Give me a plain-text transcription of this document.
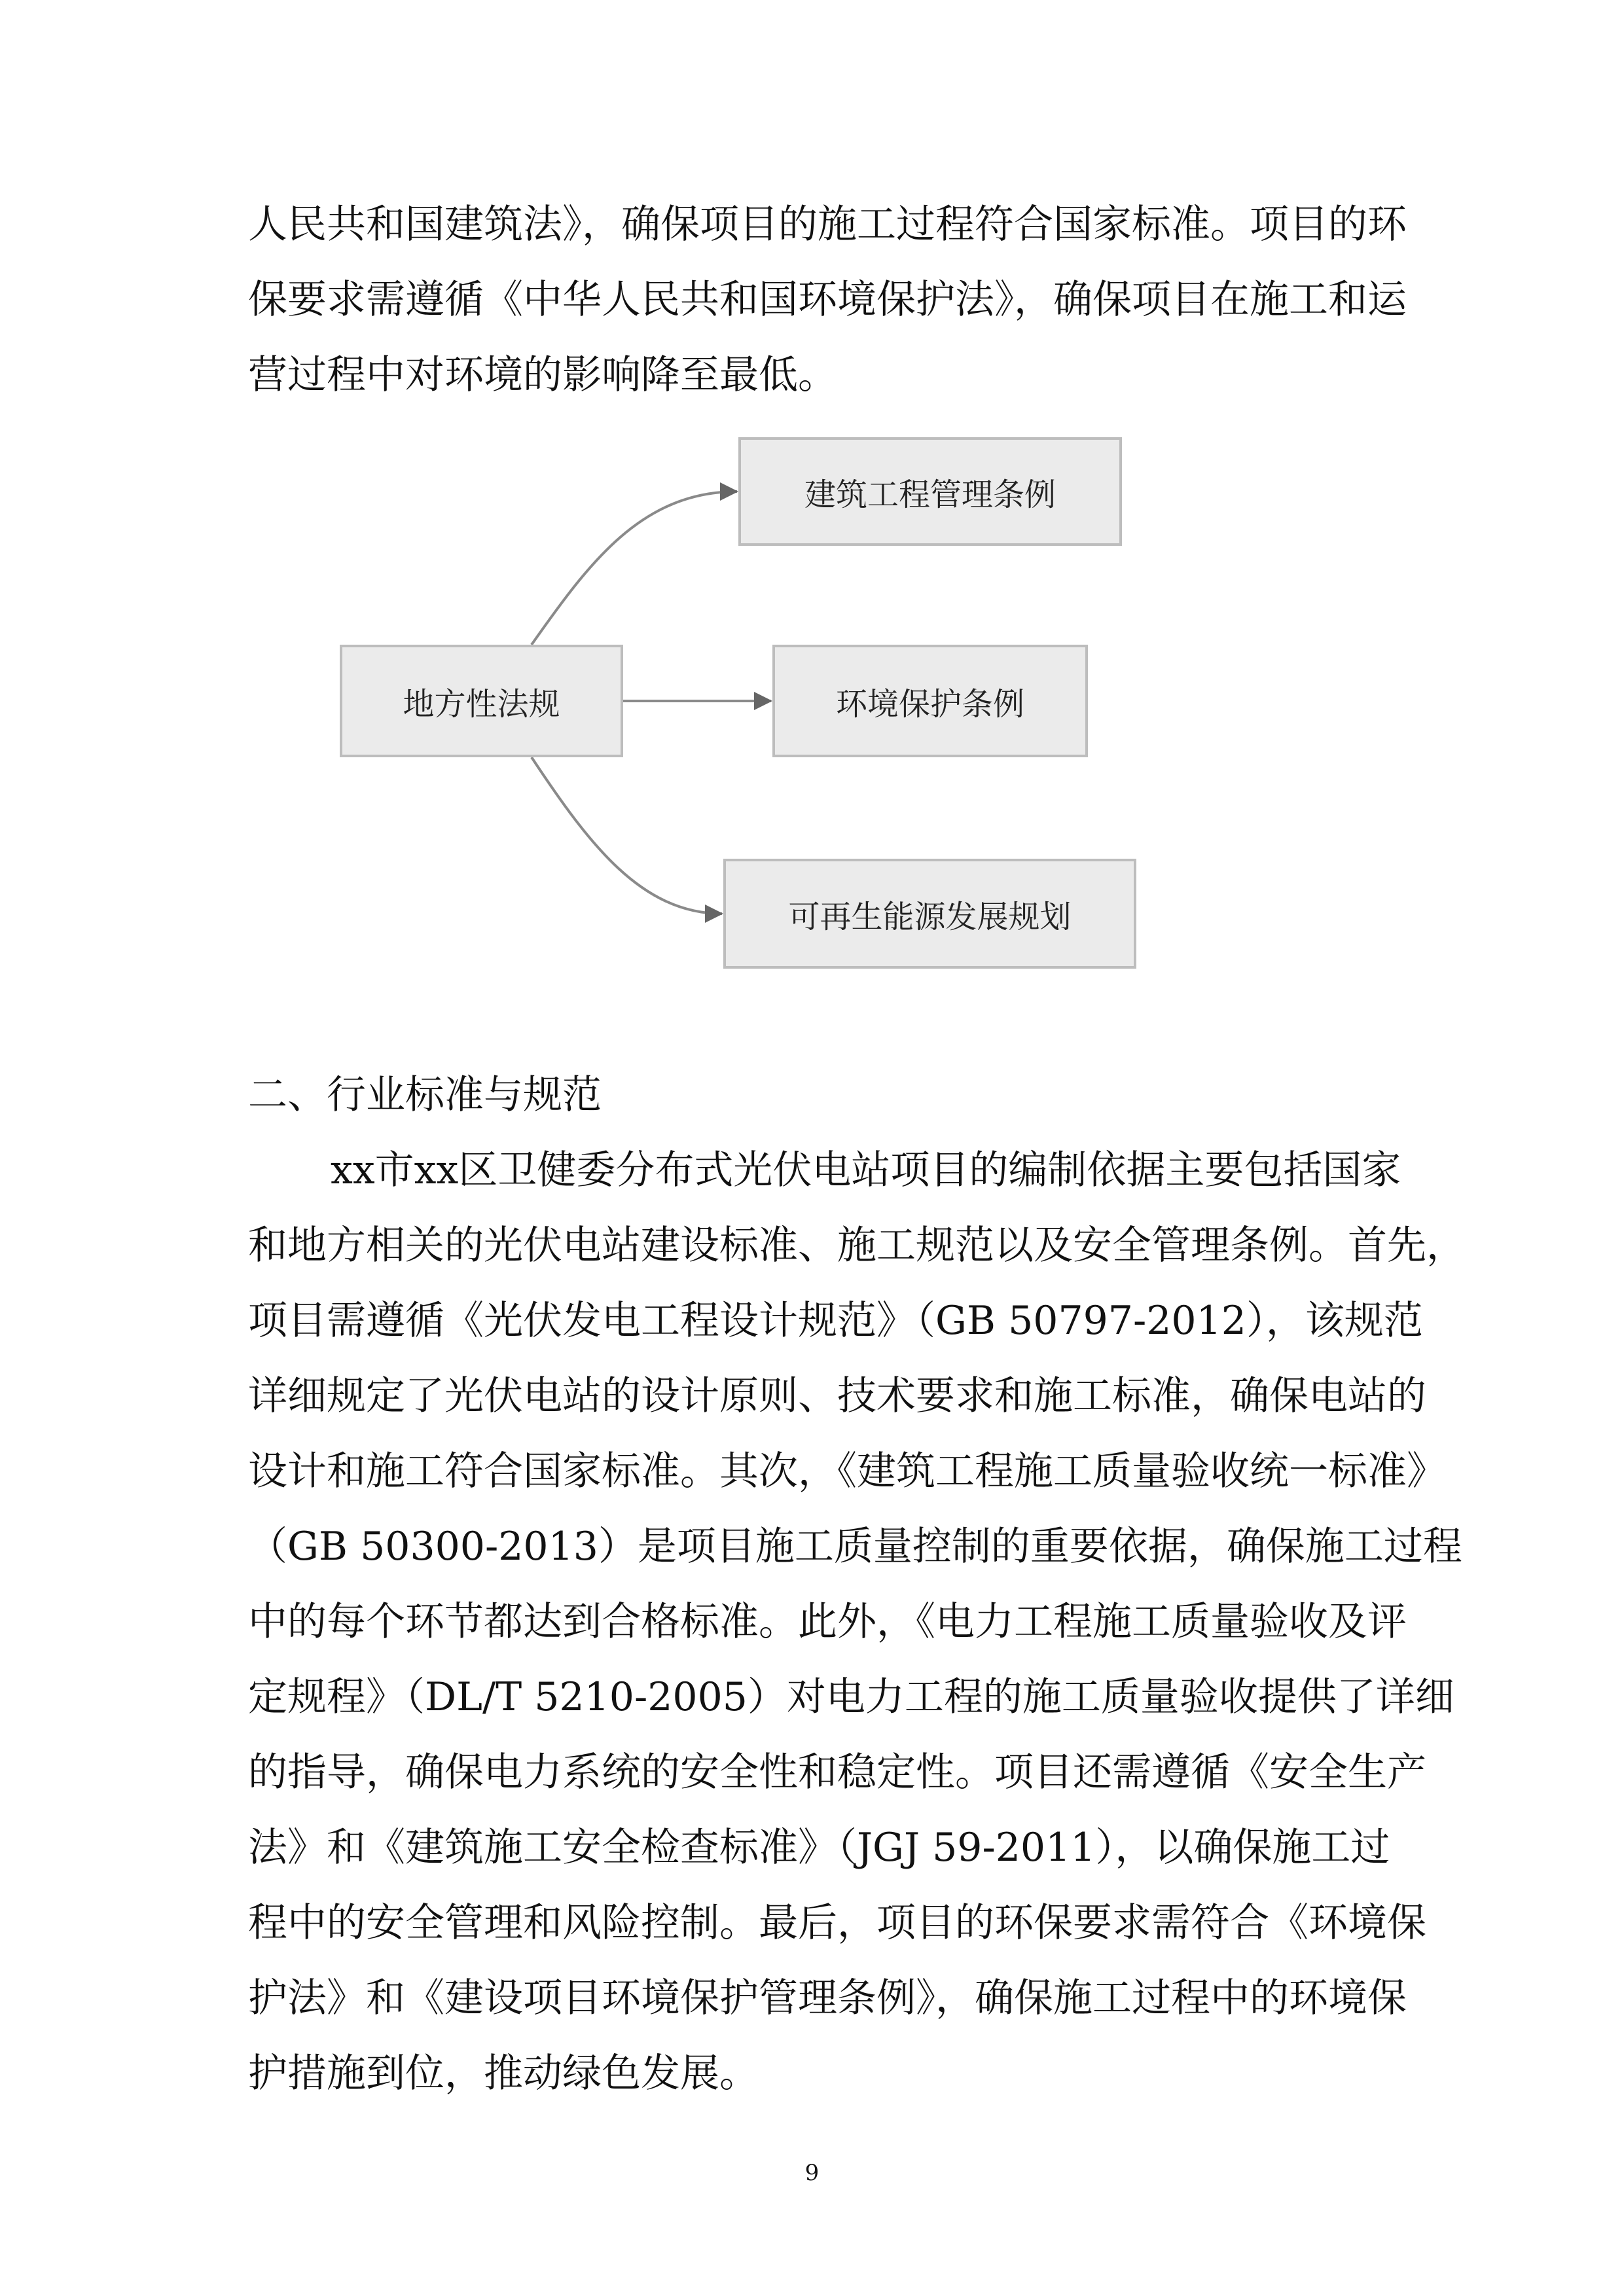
人民共和国建筑法》，确保项目的施工过程符合国家标准。项目的环
保要求需遵循《中华人民共和国环境保护法》，确保项目在施工和运
营过程中对环境的影响降至最低。
地方性法规
建筑工程管理条例
环境保护条例
可再生能源发展规划
二、行业标准与规范
xx市xx区卫健委分布式光伏电站项目的编制依据主要包括国家
和地方相关的光伏电站建设标准、施工规范以及安全管理条例。首先，
项目需遵循《光伏发电工程设计规范》（GB 50797-2012），该规范
详细规定了光伏电站的设计原则、技术要求和施工标准，确保电站的
设计和施工符合国家标准。其次，《建筑工程施工质量验收统一标准》
（GB 50300-2013）是项目施工质量控制的重要依据，确保施工过程
中的每个环节都达到合格标准。此外，《电力工程施工质量验收及评
定规程》（DL/T 5210-2005）对电力工程的施工质量验收提供了详细
的指导，确保电力系统的安全性和稳定性。项目还需遵循《安全生产
法》和《建筑施工安全检查标准》（JGJ 59-2011），以确保施工过
程中的安全管理和风险控制。最后，项目的环保要求需符合《环境保
护法》和《建设项目环境保护管理条例》，确保施工过程中的环境保
护措施到位，推动绿色发展。
9
